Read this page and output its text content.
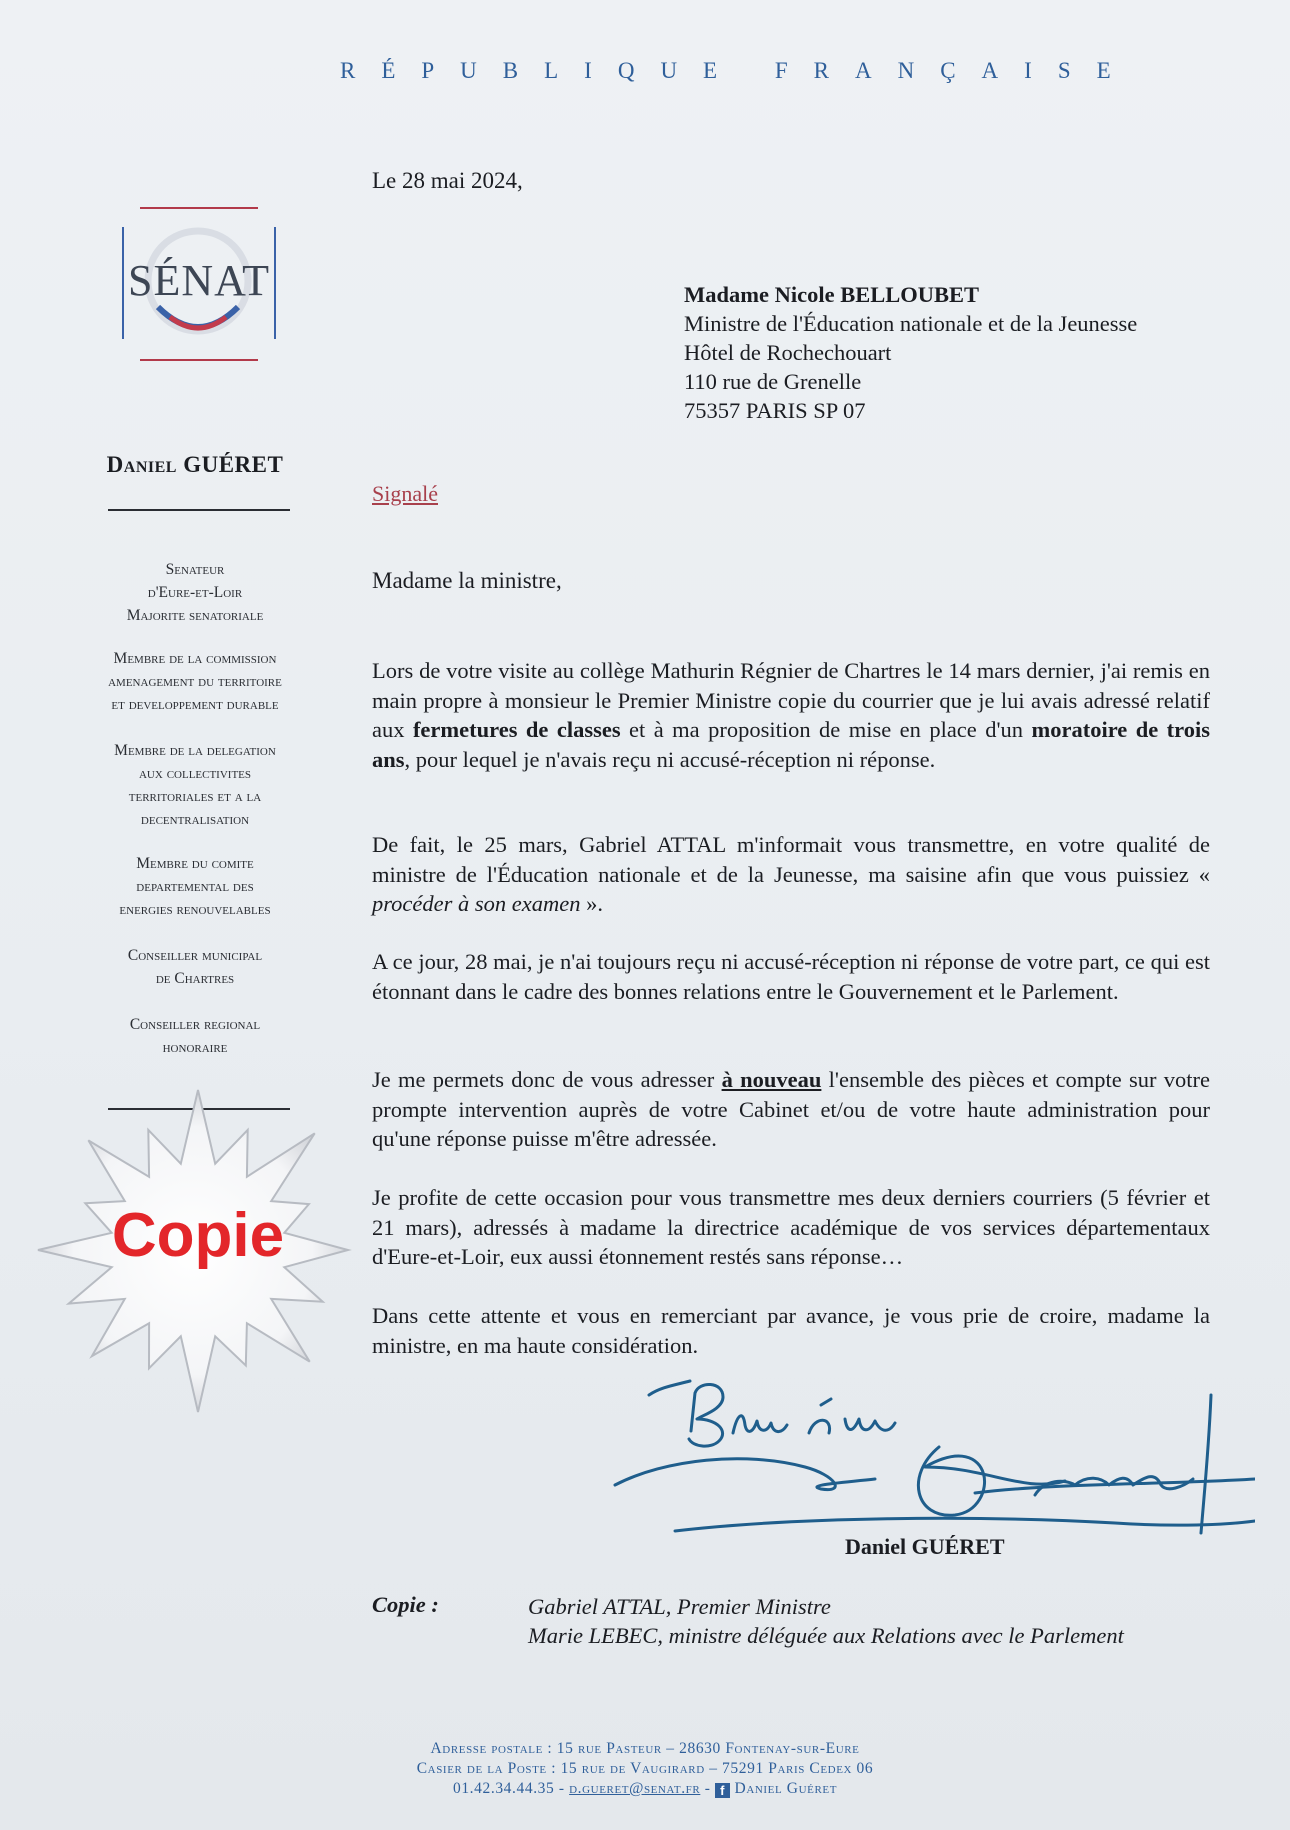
RÉPUBLIQUE FRANÇAISE
Le 28 mai 2024,
SÉNAT
Daniel GUÉRET
Senateur
d'Eure-et-Loir
Majorite senatoriale
Membre de la commission
amenagement du territoire
et developpement durable
Membre de la delegation
aux collectivites
territoriales et a la
decentralisation
Membre du comite
departemental des
energies renouvelables
Conseiller municipal
de Chartres
Conseiller regional
honoraire
Madame Nicole BELLOUBET
Ministre de l'Éducation nationale et de la Jeunesse
Hôtel de Rochechouart
110 rue de Grenelle
75357 PARIS SP 07
Signalé
Madame la ministre,
Lors de votre visite au collège Mathurin Régnier de Chartres le 14 mars dernier, j'ai remis en main propre à monsieur le Premier Ministre copie du courrier que je lui avais adressé relatif aux fermetures de classes et à ma proposition de mise en place d'un moratoire de trois ans, pour lequel je n'avais reçu ni accusé-réception ni réponse.
De fait, le 25 mars, Gabriel ATTAL m'informait vous transmettre, en votre qualité de ministre de l'Éducation nationale et de la Jeunesse, ma saisine afin que vous puissiez « procéder à son examen ».
A ce jour, 28 mai, je n'ai toujours reçu ni accusé-réception ni réponse de votre part, ce qui est étonnant dans le cadre des bonnes relations entre le Gouvernement et le Parlement.
Je me permets donc de vous adresser à nouveau l'ensemble des pièces et compte sur votre prompte intervention auprès de votre Cabinet et/ou de votre haute administration pour qu'une réponse puisse m'être adressée.
Je profite de cette occasion pour vous transmettre mes deux derniers courriers (5 février et 21 mars), adressés à madame la directrice académique de vos services départementaux d'Eure-et-Loir, eux aussi étonnement restés sans réponse…
Dans cette attente et vous en remerciant par avance, je vous prie de croire, madame la ministre, en ma haute considération.
Copie
Daniel GUÉRET
Copie :	Gabriel ATTAL, Premier Ministre
Marie LEBEC, ministre déléguée aux Relations avec le Parlement
Adresse postale : 15 rue Pasteur – 28630 Fontenay-sur-Eure
Casier de la Poste : 15 rue de Vaugirard – 75291 Paris Cedex 06
01.42.34.44.35 - d.gueret@senat.fr - f Daniel Guéret
